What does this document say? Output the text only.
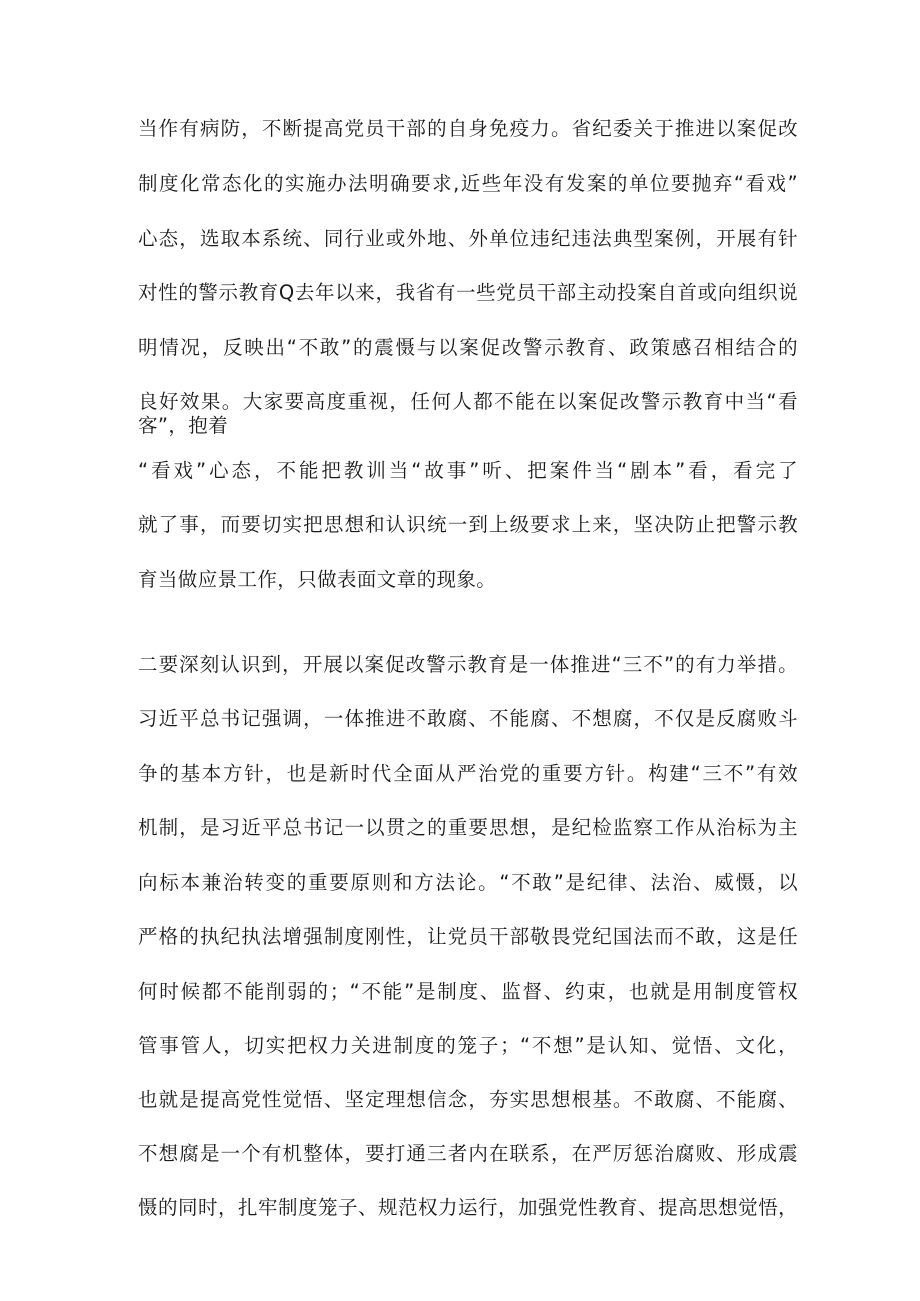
当作有病防，不断提高党员干部的自身免疫力。省纪委关于推进以案促改
制度化常态化的实施办法明确要求,近些年没有发案的单位要抛弃“看戏”
心态，选取本系统、同行业或外地、外单位违纪违法典型案例，开展有针
对性的警示教育Q去年以来，我省有一些党员干部主动投案自首或向组织说
明情况，反映出“不敢”的震慑与以案促改警示教育、政策感召相结合的
良好效果。大家要高度重视，任何人都不能在以案促改警示教育中当“看
客”，抱着
“看戏”心态，不能把教训当“故事”听、把案件当“剧本”看，看完了
就了事，而要切实把思想和认识统一到上级要求上来，坚决防止把警示教
育当做应景工作，只做表面文章的现象。
二要深刻认识到，开展以案促改警示教育是一体推进“三不”的有力举措。
习近平总书记强调，一体推进不敢腐、不能腐、不想腐，不仅是反腐败斗
争的基本方针，也是新时代全面从严治党的重要方针。构建“三不”有效
机制，是习近平总书记一以贯之的重要思想，是纪检监察工作从治标为主
向标本兼治转变的重要原则和方法论。“不敢”是纪律、法治、威慑，以
严格的执纪执法增强制度刚性，让党员干部敬畏党纪国法而不敢，这是任
何时候都不能削弱的；“不能”是制度、监督、约束，也就是用制度管权
管事管人，切实把权力关进制度的笼子；“不想”是认知、觉悟、文化，
也就是提高党性觉悟、坚定理想信念，夯实思想根基。不敢腐、不能腐、
不想腐是一个有机整体，要打通三者内在联系，在严厉惩治腐败、形成震
慑的同时，扎牢制度笼子、规范权力运行，加强党性教育、提高思想觉悟，
